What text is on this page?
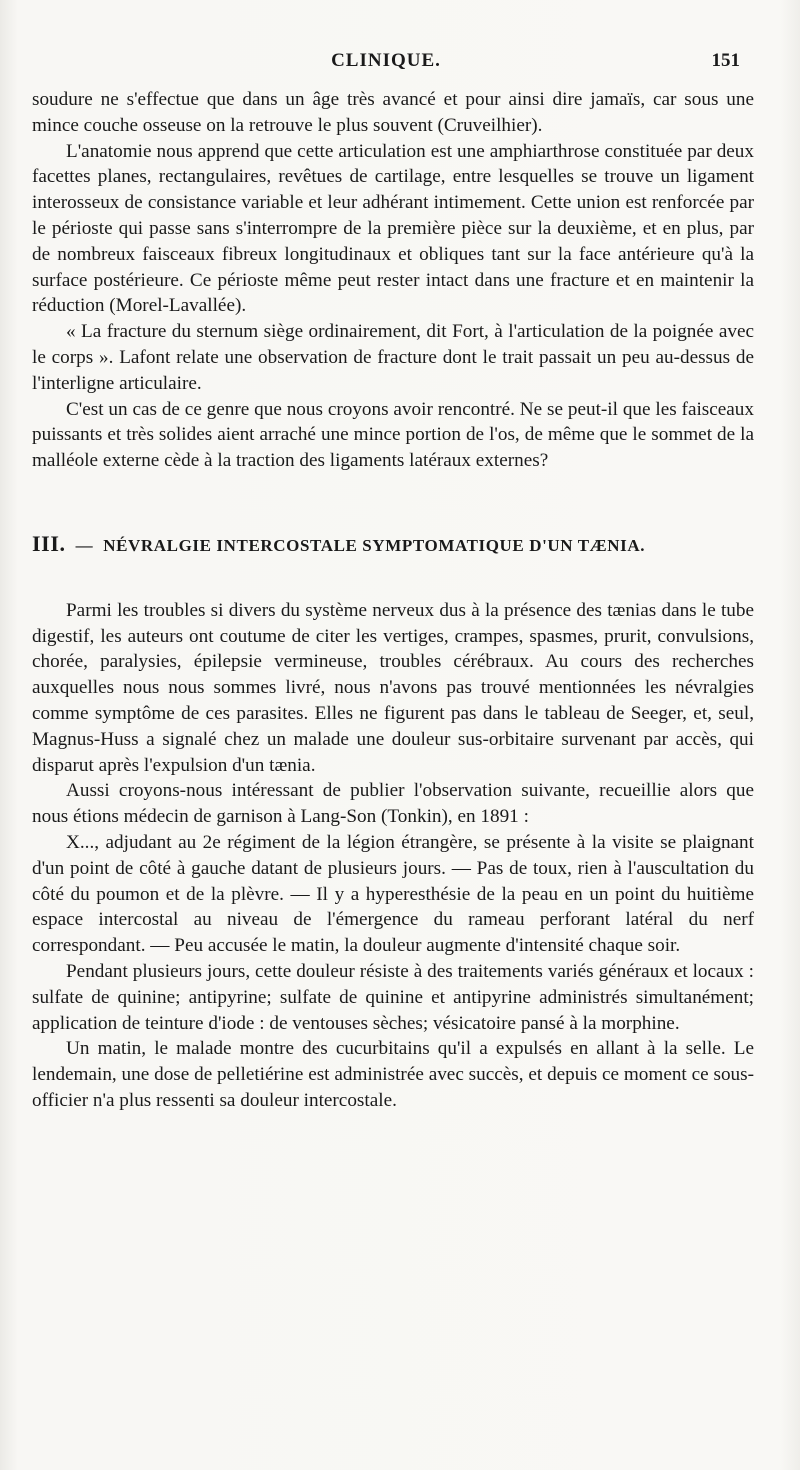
CLINIQUE.	151

soudure ne s'effectue que dans un âge très avancé et pour ainsi dire jamaïs, car sous une mince couche osseuse on la retrouve le plus souvent (Cruveilhier).

L'anatomie nous apprend que cette articulation est une amphiarthrose constituée par deux facettes planes, rectangulaires, revêtues de cartilage, entre lesquelles se trouve un ligament interosseux de consistance variable et leur adhérant intimement. Cette union est renforcée par le périoste qui passe sans s'interrompre de la première pièce sur la deuxième, et en plus, par de nombreux faisceaux fibreux longitudinaux et obliques tant sur la face antérieure qu'à la surface postérieure. Ce périoste même peut rester intact dans une fracture et en maintenir la réduction (Morel-Lavallée).

« La fracture du sternum siège ordinairement, dit Fort, à l'articulation de la poignée avec le corps ». Lafont relate une observation de fracture dont le trait passait un peu au-dessus de l'interligne articulaire.

C'est un cas de ce genre que nous croyons avoir rencontré. Ne se peut-il que les faisceaux puissants et très solides aient arraché une mince portion de l'os, de même que le sommet de la malléole externe cède à la traction des ligaments latéraux externes?

III. — NÉVRALGIE INTERCOSTALE SYMPTOMATIQUE D'UN TÆNIA.

Parmi les troubles si divers du système nerveux dus à la présence des tænias dans le tube digestif, les auteurs ont coutume de citer les vertiges, crampes, spasmes, prurit, convulsions, chorée, paralysies, épilepsie vermineuse, troubles cérébraux. Au cours des recherches auxquelles nous nous sommes livré, nous n'avons pas trouvé mentionnées les névralgies comme symptôme de ces parasites. Elles ne figurent pas dans le tableau de Seeger, et, seul, Magnus-Huss a signalé chez un malade une douleur sus-orbitaire survenant par accès, qui disparut après l'expulsion d'un tænia.

Aussi croyons-nous intéressant de publier l'observation suivante, recueillie alors que nous étions médecin de garnison à Lang-Son (Tonkin), en 1891 :

X..., adjudant au 2e régiment de la légion étrangère, se présente à la visite se plaignant d'un point de côté à gauche datant de plusieurs jours. — Pas de toux, rien à l'auscultation du côté du poumon et de la plèvre. — Il y a hyperesthésie de la peau en un point du huitième espace intercostal au niveau de l'émergence du rameau perforant latéral du nerf correspondant. — Peu accusée le matin, la douleur augmente d'intensité chaque soir.

Pendant plusieurs jours, cette douleur résiste à des traitements variés généraux et locaux : sulfate de quinine; antipyrine; sulfate de quinine et antipyrine administrés simultanément; application de teinture d'iode : de ventouses sèches; vésicatoire pansé à la morphine.

Un matin, le malade montre des cucurbitains qu'il a expulsés en allant à la selle. Le lendemain, une dose de pelletiérine est administrée avec succès, et depuis ce moment ce sous-officier n'a plus ressenti sa douleur intercostale.
